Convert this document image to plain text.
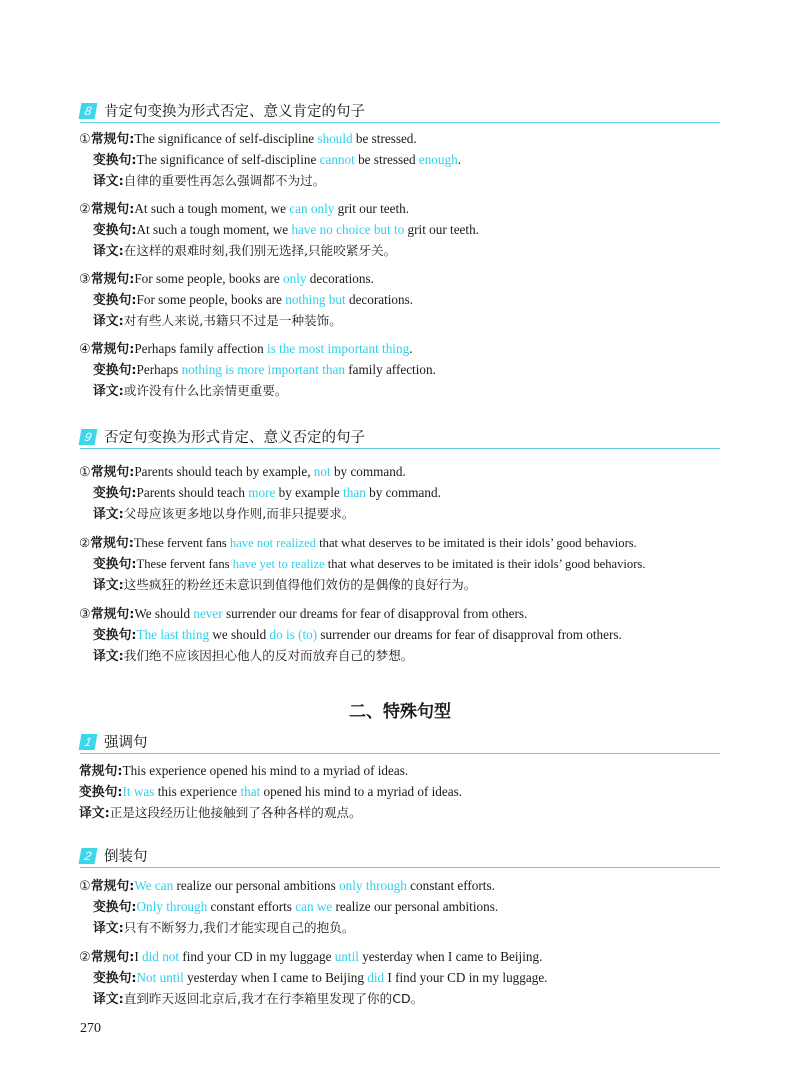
8 肯定句变换为形式否定、意义肯定的句子
①常规句:The significance of self-discipline should be stressed.
变换句:The significance of self-discipline cannot be stressed enough.
译文:自律的重要性再怎么强调都不为过。
②常规句:At such a tough moment, we can only grit our teeth.
变换句:At such a tough moment, we have no choice but to grit our teeth.
译文:在这样的艰难时刻,我们别无选择,只能咬紧牙关。
③常规句:For some people, books are only decorations.
变换句:For some people, books are nothing but decorations.
译文:对有些人来说,书籍只不过是一种装饰。
④常规句:Perhaps family affection is the most important thing.
变换句:Perhaps nothing is more important than family affection.
译文:或许没有什么比亲情更重要。
9 否定句变换为形式肯定、意义否定的句子
①常规句:Parents should teach by example, not by command.
变换句:Parents should teach more by example than by command.
译文:父母应该更多地以身作则,而非只提要求。
②常规句:These fervent fans have not realized that what deserves to be imitated is their idols’ good behaviors.
变换句:These fervent fans have yet to realize that what deserves to be imitated is their idols’ good behaviors.
译文:这些疯狂的粉丝还未意识到值得他们效仿的是偶像的良好行为。
③常规句:We should never surrender our dreams for fear of disapproval from others.
变换句:The last thing we should do is (to) surrender our dreams for fear of disapproval from others.
译文:我们绝不应该因担心他人的反对而放弃自己的梦想。
二、特殊句型
1 强调句
常规句:This experience opened his mind to a myriad of ideas.
变换句:It was this experience that opened his mind to a myriad of ideas.
译文:正是这段经历让他接触到了各种各样的观点。
2 倒装句
①常规句:We can realize our personal ambitions only through constant efforts.
变换句:Only through constant efforts can we realize our personal ambitions.
译文:只有不断努力,我们才能实现自己的抱负。
②常规句:I did not find your CD in my luggage until yesterday when I came to Beijing.
变换句:Not until yesterday when I came to Beijing did I find your CD in my luggage.
译文:直到昨天返回北京后,我才在行李箱里发现了你的CD。
270
